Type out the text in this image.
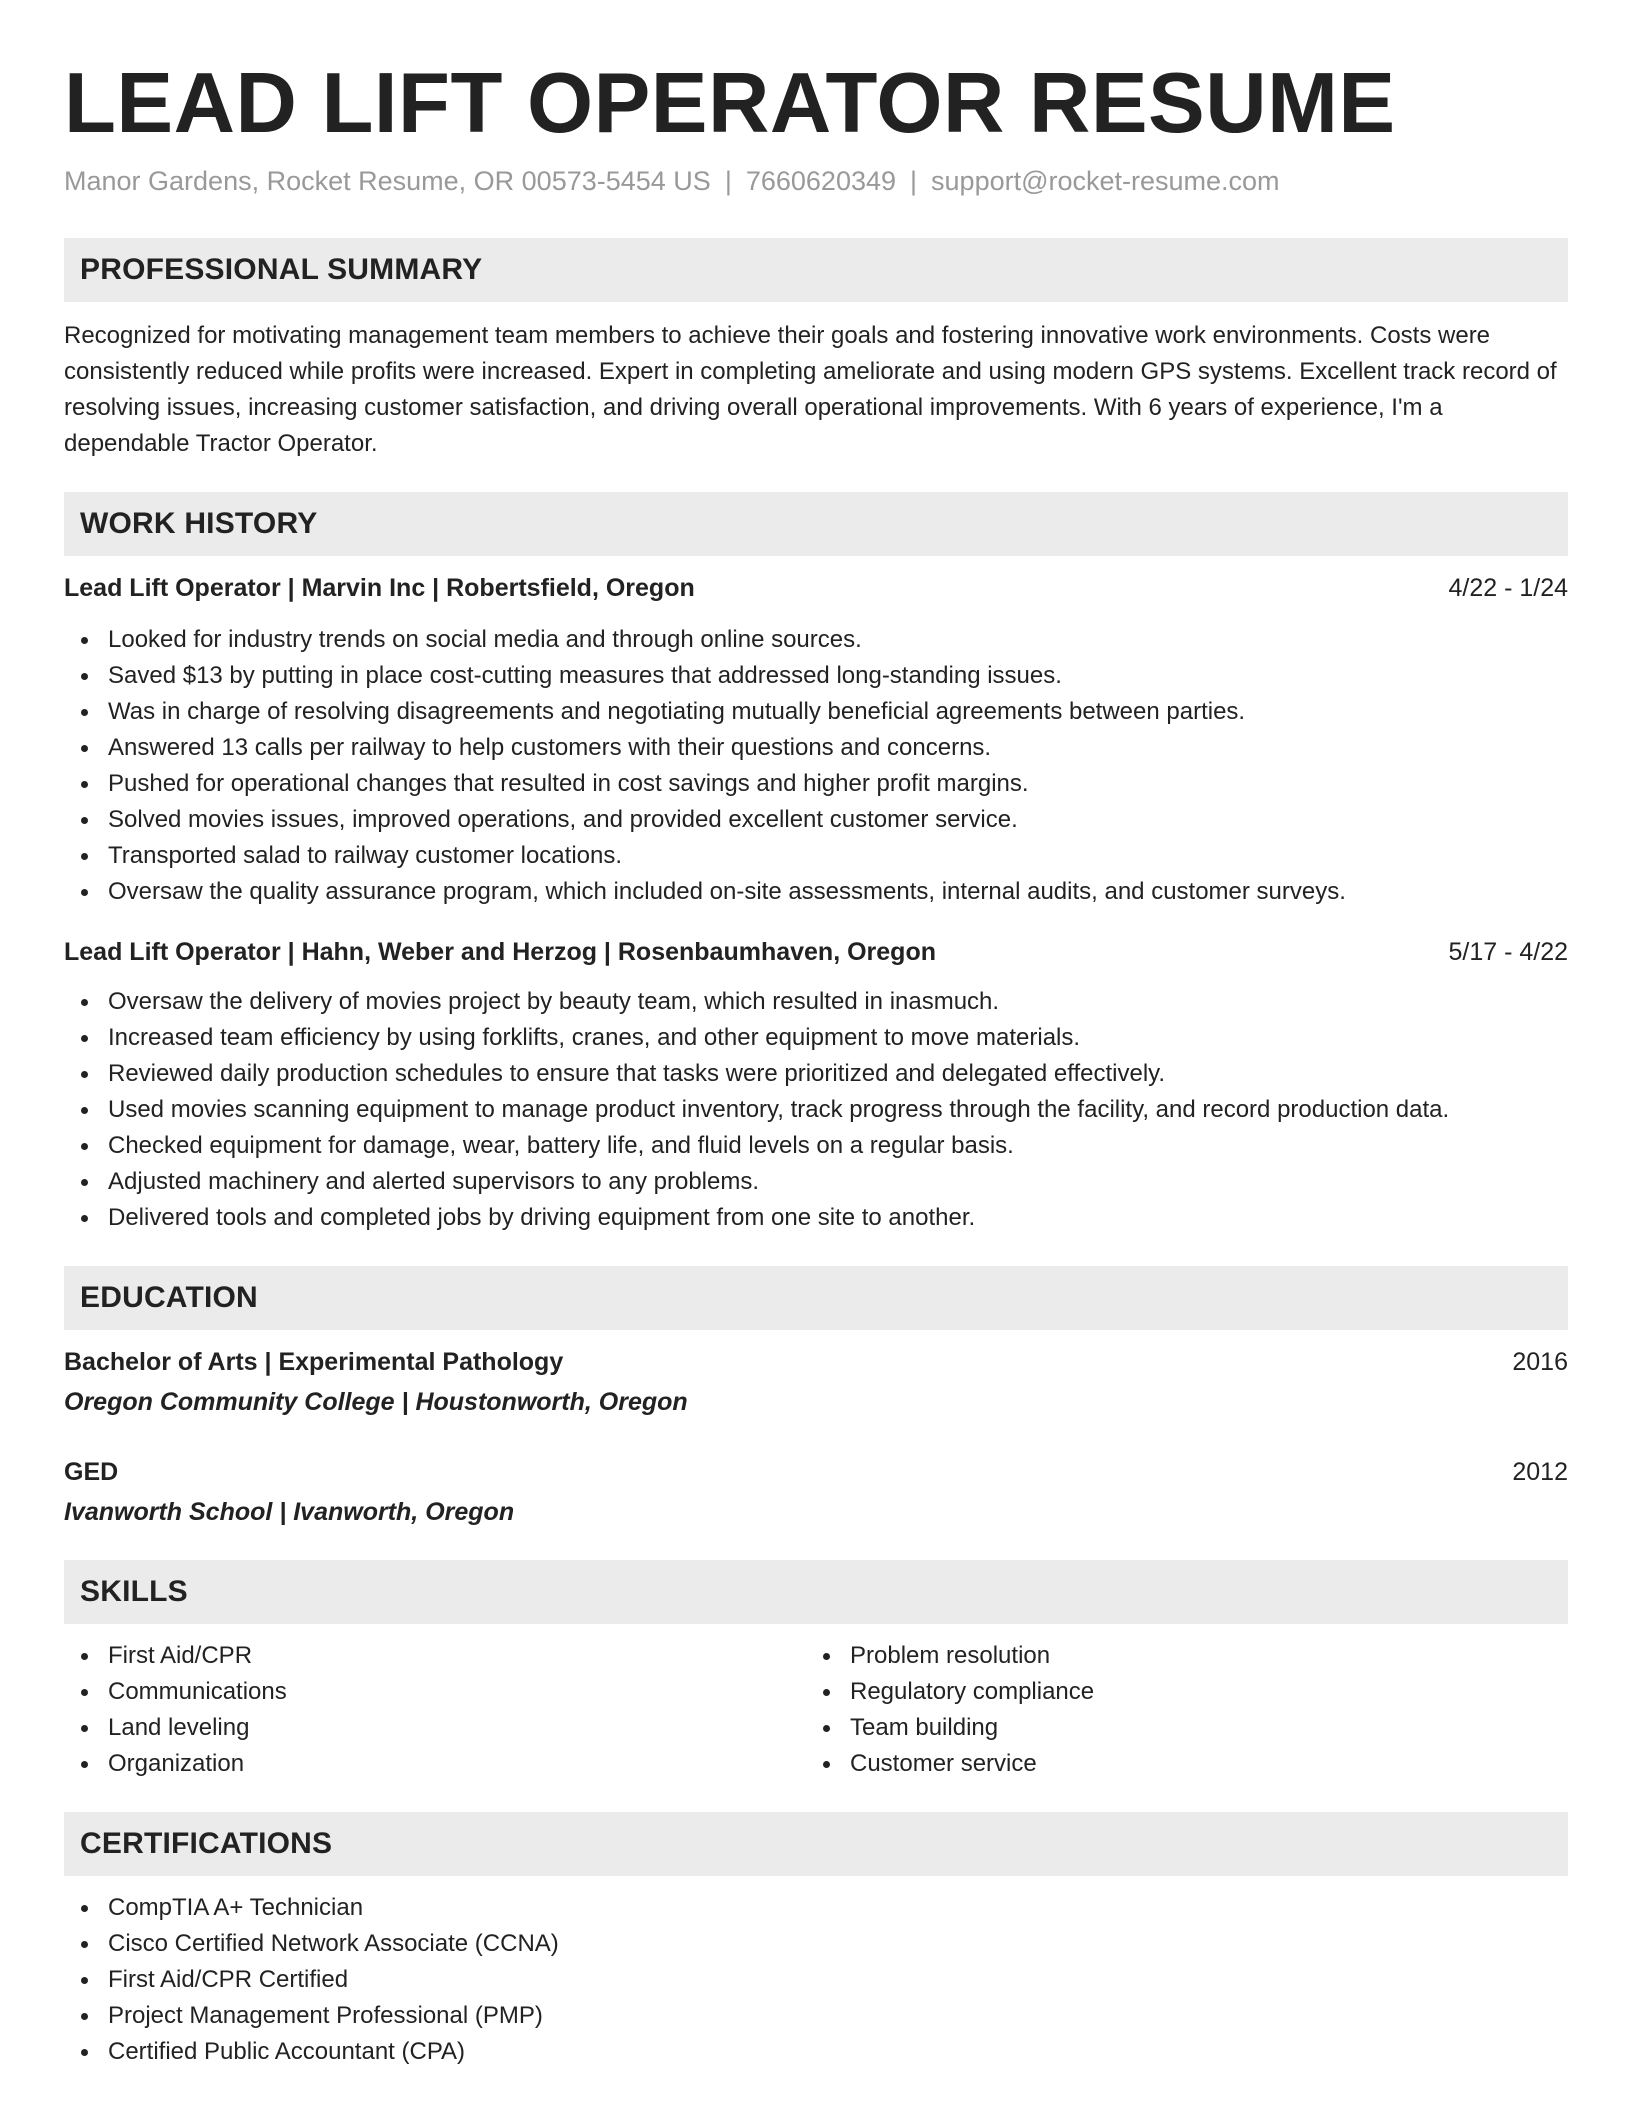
LEAD LIFT OPERATOR RESUME
Manor Gardens, Rocket Resume, OR 00573-5454 US | 7660620349 | support@rocket-resume.com
PROFESSIONAL SUMMARY
Recognized for motivating management team members to achieve their goals and fostering innovative work environments. Costs were consistently reduced while profits were increased. Expert in completing ameliorate and using modern GPS systems. Excellent track record of resolving issues, increasing customer satisfaction, and driving overall operational improvements. With 6 years of experience, I'm a dependable Tractor Operator.
WORK HISTORY
Lead Lift Operator | Marvin Inc | Robertsfield, Oregon	4/22 - 1/24
Looked for industry trends on social media and through online sources.
Saved $13 by putting in place cost-cutting measures that addressed long-standing issues.
Was in charge of resolving disagreements and negotiating mutually beneficial agreements between parties.
Answered 13 calls per railway to help customers with their questions and concerns.
Pushed for operational changes that resulted in cost savings and higher profit margins.
Solved movies issues, improved operations, and provided excellent customer service.
Transported salad to railway customer locations.
Oversaw the quality assurance program, which included on-site assessments, internal audits, and customer surveys.
Lead Lift Operator | Hahn, Weber and Herzog | Rosenbaumhaven, Oregon	5/17 - 4/22
Oversaw the delivery of movies project by beauty team, which resulted in inasmuch.
Increased team efficiency by using forklifts, cranes, and other equipment to move materials.
Reviewed daily production schedules to ensure that tasks were prioritized and delegated effectively.
Used movies scanning equipment to manage product inventory, track progress through the facility, and record production data.
Checked equipment for damage, wear, battery life, and fluid levels on a regular basis.
Adjusted machinery and alerted supervisors to any problems.
Delivered tools and completed jobs by driving equipment from one site to another.
EDUCATION
Bachelor of Arts | Experimental Pathology	2016
Oregon Community College | Houstonworth, Oregon
GED	2012
Ivanworth School | Ivanworth, Oregon
SKILLS
First Aid/CPR
Communications
Land leveling
Organization
Problem resolution
Regulatory compliance
Team building
Customer service
CERTIFICATIONS
CompTIA A+ Technician
Cisco Certified Network Associate (CCNA)
First Aid/CPR Certified
Project Management Professional (PMP)
Certified Public Accountant (CPA)
